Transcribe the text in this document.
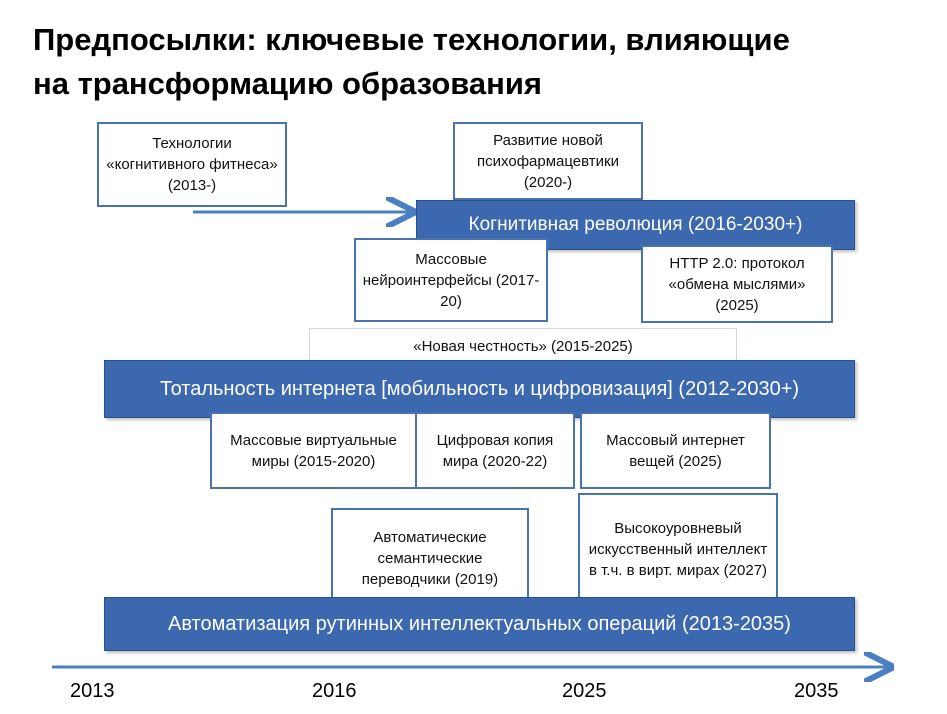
Предпосылки: ключевые технологии, влияющие
на трансформацию образования
Технологии «когнитивного фитнеса» (2013-)
Развитие новой психофармацевтики (2020-)
Когнитивная революция (2016-2030+)
Массовые нейроинтерфейсы (2017-20)
HTTP 2.0: протокол «обмена мыслями» (2025)
«Новая честность» (2015-2025)
Тотальность интернета [мобильность и цифровизация] (2012-2030+)
Массовые виртуальные миры (2015-2020)
Цифровая копия мира (2020-22)
Массовый интернет вещей (2025)
Автоматические семантические переводчики (2019)
Высокоуровневый искусственный интеллект в т.ч. в вирт. мирах (2027)
Автоматизация рутинных интеллектуальных операций (2013-2035)
2013	2016	2025	2035
